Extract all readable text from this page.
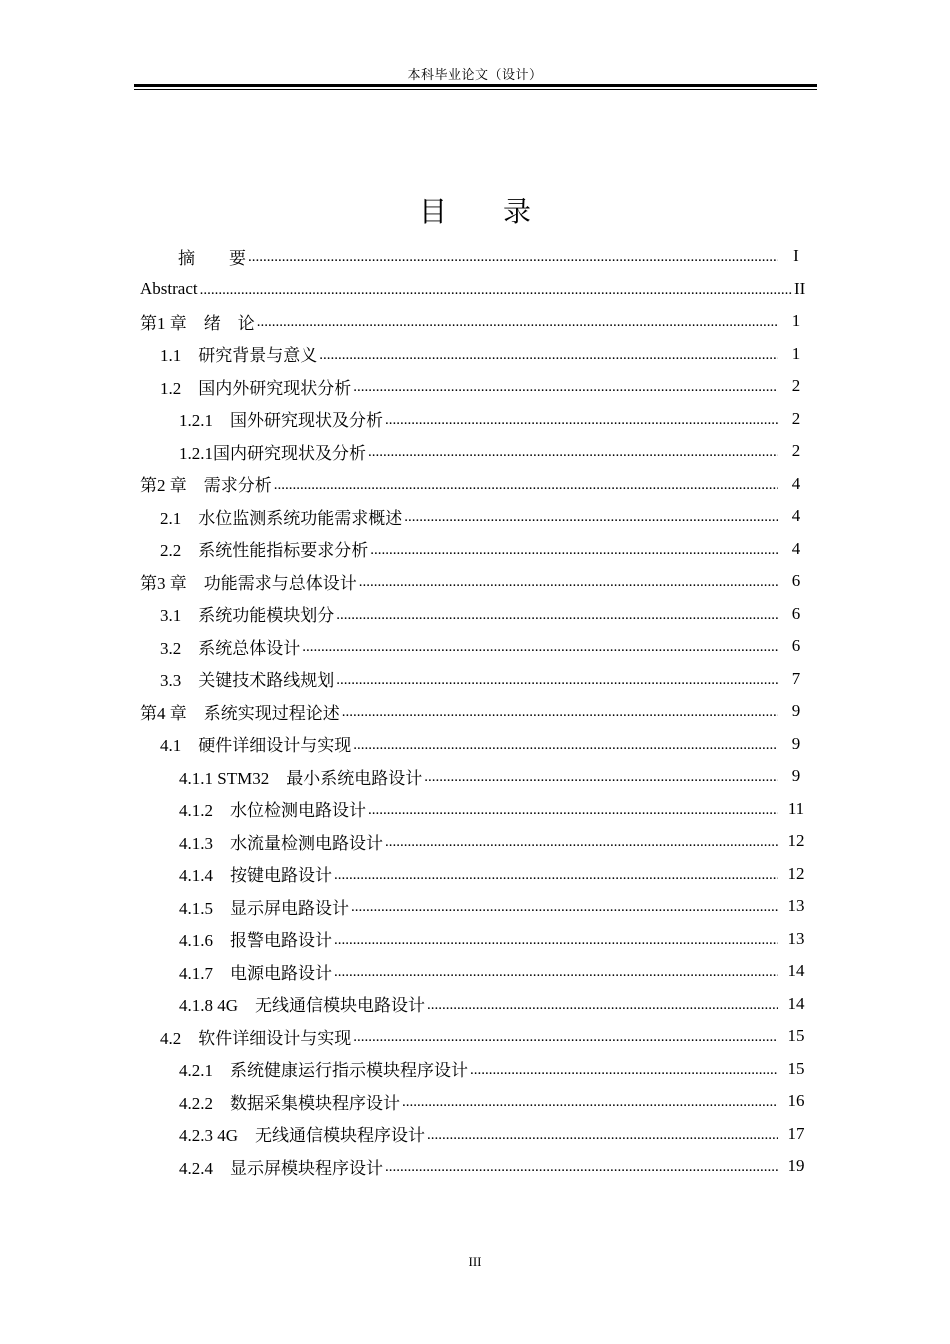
本科毕业论文（设计）
目 录
摘　　要 .....	I
Abstract .....	II
第1 章　绪　论 .....	1
1.1　研究背景与意义 .....	1
1.2　国内外研究现状分析 .....	2
1.2.1　国外研究现状及分析 .....	2
1.2.1国内研究现状及分析 .....	2
第2 章　需求分析 .....	4
2.1　水位监测系统功能需求概述 .....	4
2.2　系统性能指标要求分析 .....	4
第3 章　功能需求与总体设计 .....	6
3.1　系统功能模块划分 .....	6
3.2　系统总体设计 .....	6
3.3　关键技术路线规划 .....	7
第4 章　系统实现过程论述 .....	9
4.1　硬件详细设计与实现 .....	9
4.1.1 STM32　最小系统电路设计 .....	9
4.1.2　水位检测电路设计 .....	11
4.1.3　水流量检测电路设计 .....	12
4.1.4　按键电路设计 .....	12
4.1.5　显示屏电路设计 .....	13
4.1.6　报警电路设计 .....	13
4.1.7　电源电路设计 .....	14
4.1.8 4G　无线通信模块电路设计 .....	14
4.2　软件详细设计与实现 .....	15
4.2.1　系统健康运行指示模块程序设计 .....	15
4.2.2　数据采集模块程序设计 .....	16
4.2.3 4G　无线通信模块程序设计 .....	17
4.2.4　显示屏模块程序设计 .....	19
III
